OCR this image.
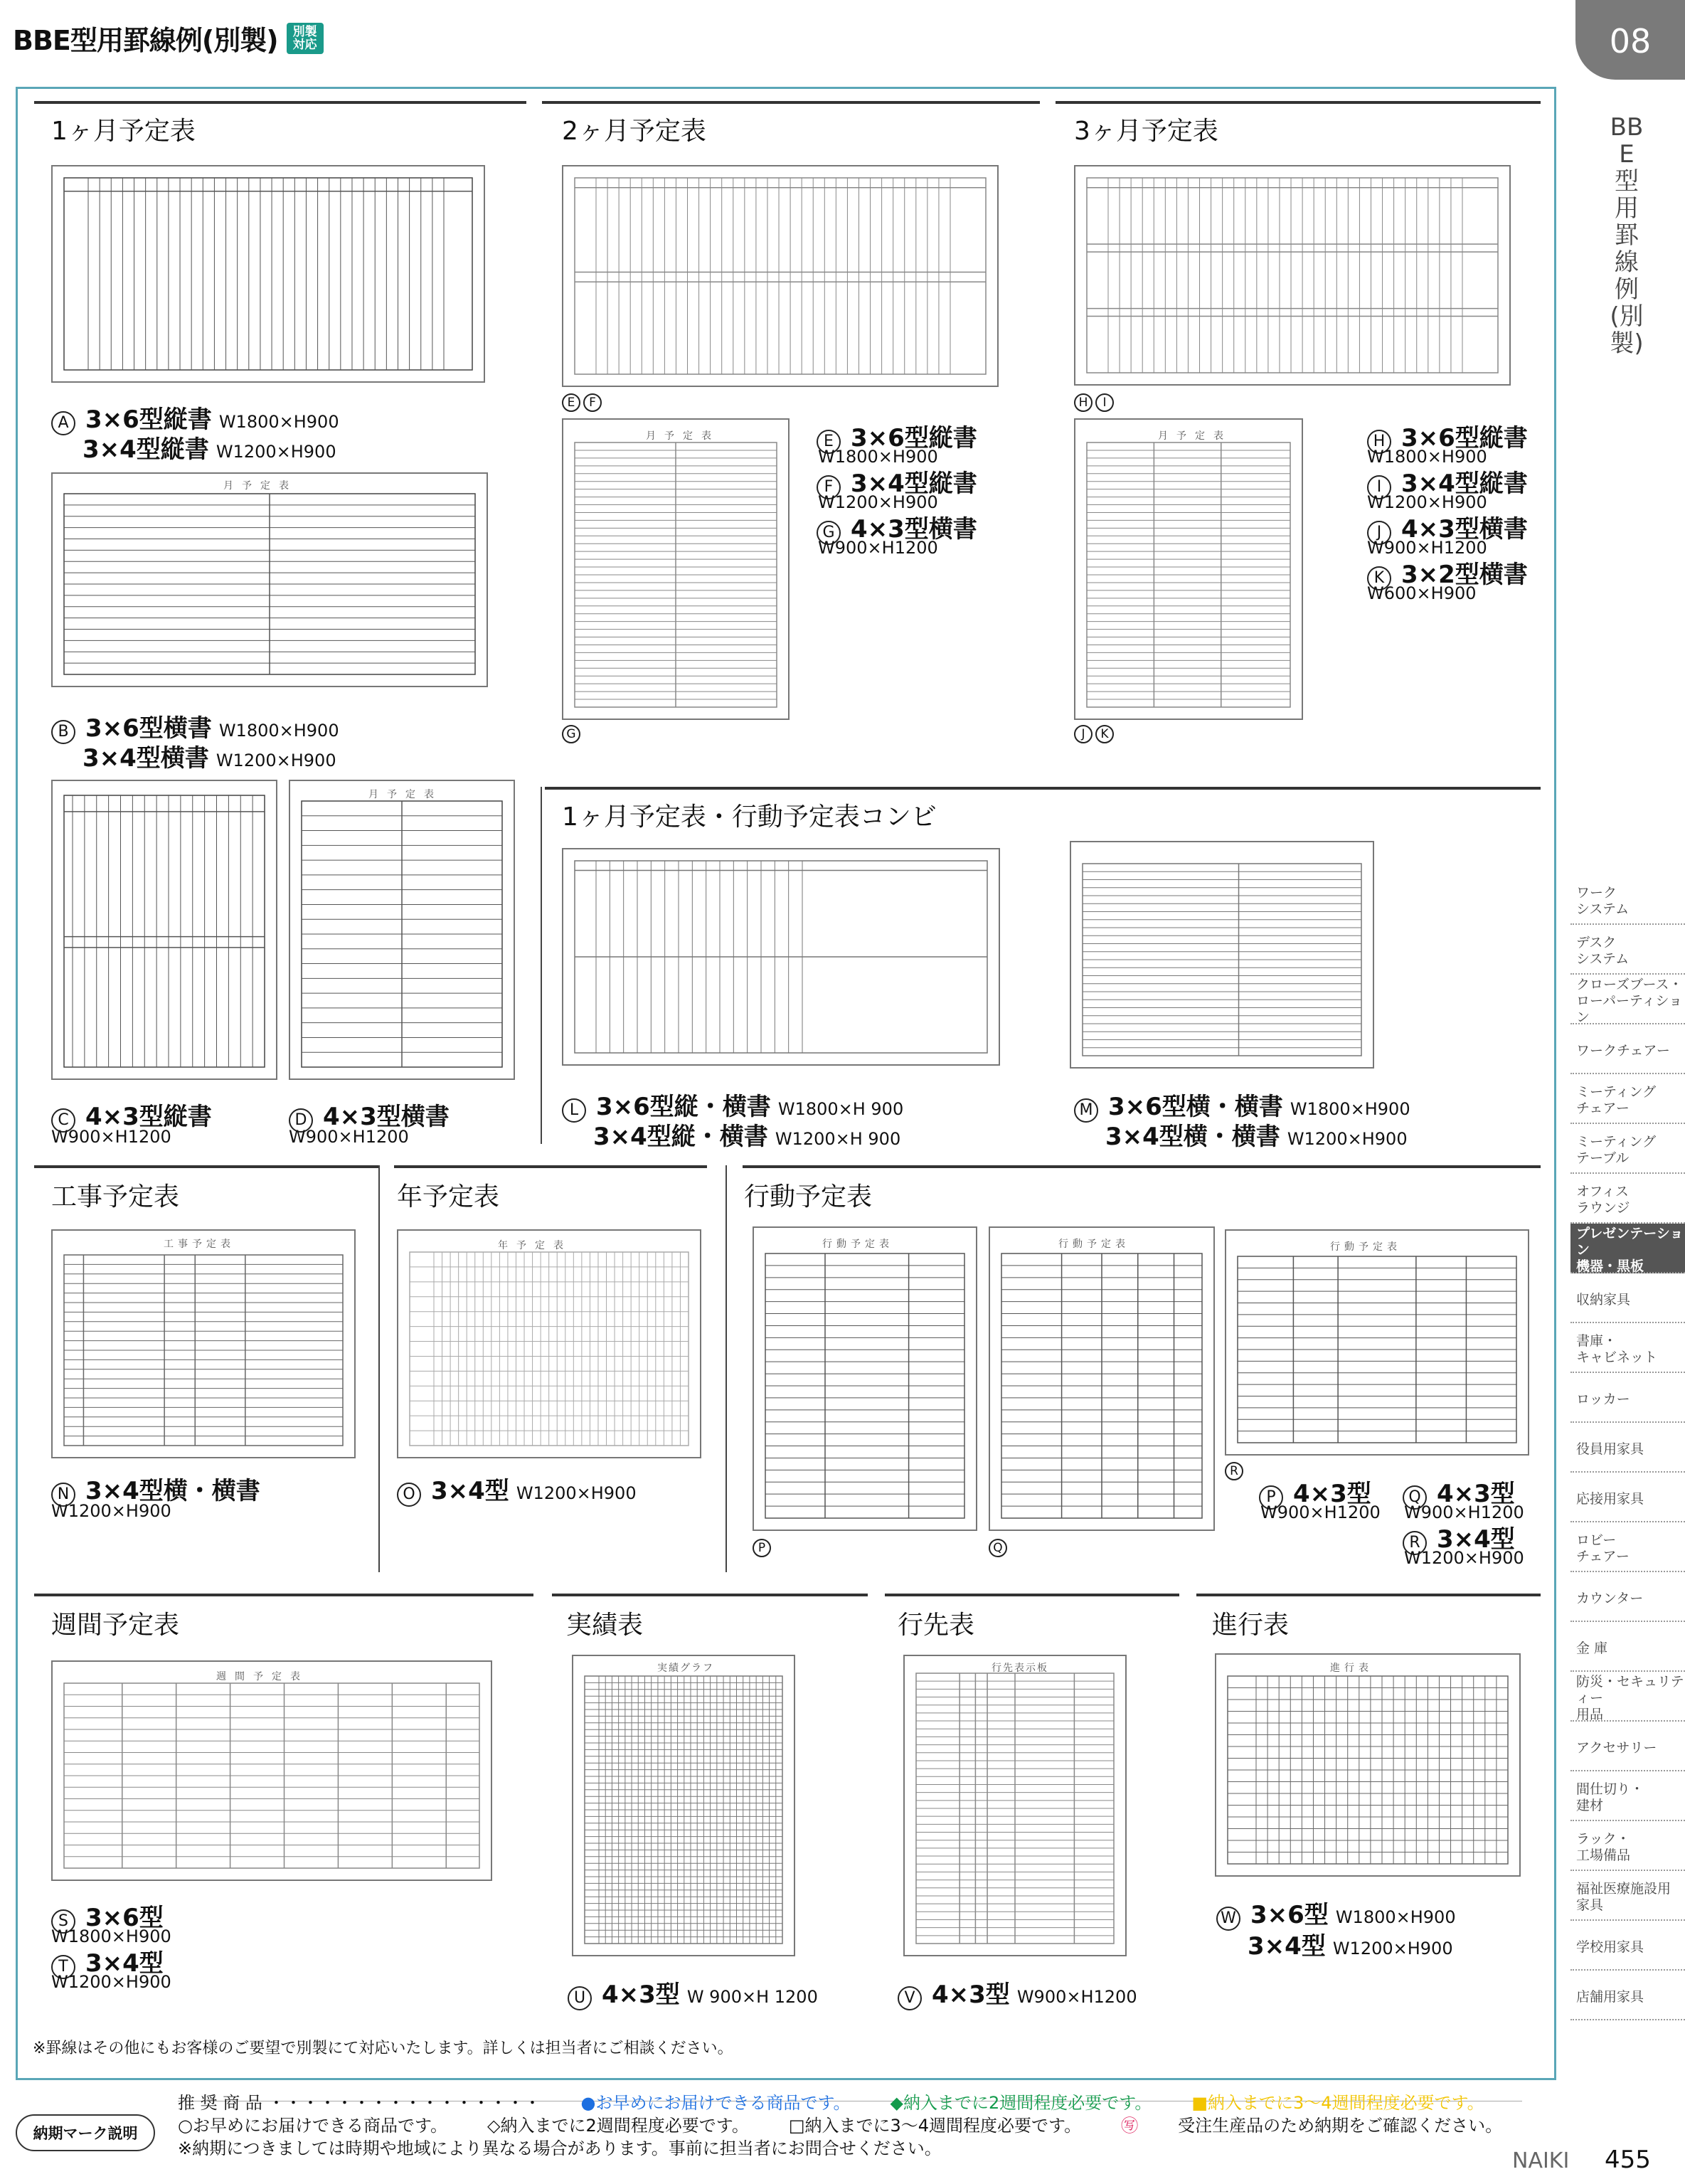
BBE型用罫線例(別製)	別製
対応	08
BBE型用罫線例(別製)
ワーク
システム
デスク
システム
クローズブース・
ローパーティション
ワークチェアー
ミーティング
チェアー
ミーティング
テーブル
オフィス
ラウンジ
プレゼンテーション
機器・黒板
収納家具
書庫・
キャビネット
ロッカー
役員用家具
応接用家具
ロビー
チェアー
カウンター
金 庫
防災・セキュリティー
用品
アクセサリー
間仕切り・
建材
ラック・
工場備品
福祉医療施設用
家具
学校用家具
店舗用家具
1ヶ月予定表	2ヶ月予定表	3ヶ月予定表
1ヶ月予定表・行動予定表コンビ
工事予定表	年予定表	行動予定表
週間予定表	実績表	行先表	進行表
月予定表
月予定表
月予定表	月予定表
工事予定表	年予定表	行動予定表	行動予定表	行動予定表
週間予定表
実績グラフ	行先表示板	進行表
A 3×6型縦書 W1800×H900
3×4型縦書 W1200×H900
B 3×6型横書 W1800×H900
3×4型横書 W1200×H900
C 4×3型縦書
W900×H1200
D 4×3型横書
W900×H1200
E F
G
E 3×6型縦書
W1800×H900
F 3×4型縦書
W1200×H900
G 4×3型横書
W900×H1200
H I
J K
H 3×6型縦書
W1800×H900
I 3×4型縦書
W1200×H900
J 4×3型横書
W900×H1200
K 3×2型横書
W600×H900
L 3×6型縦・横書 W1800×H 900
3×4型縦・横書 W1200×H 900
M 3×6型横・横書 W1800×H900
3×4型横・横書 W1200×H900
N 3×4型横・横書
W1200×H900
O 3×4型 W1200×H900
P	Q
R
P 4×3型
W900×H1200
Q 4×3型
W900×H1200
R 3×4型
W1200×H900
S 3×6型
W1800×H900
T 3×4型
W1200×H900
U 4×3型 W 900×H 1200	V 4×3型 W900×H1200
W 3×6型 W1800×H900
3×4型 W1200×H900
※罫線はその他にもお客様のご要望で別製にて対応いたします。詳しくは担当者にご相談ください。
納期マーク説明
推 奨 商 品 ・・・・・・・・・・・・・・・・ ●お早めにお届けできる商品です。 ◆納入までに2週間程度必要です。 ■納入までに3〜4週間程度必要です。
○お早めにお届けできる商品です。 ◇納入までに2週間程度必要です。 □納入までに3〜4週間程度必要です。 ㊢ 受注生産品のため納期をご確認ください。
※納期につきましては時期や地域により異なる場合があります。事前に担当者にお問合せください。	NAIKI 455
